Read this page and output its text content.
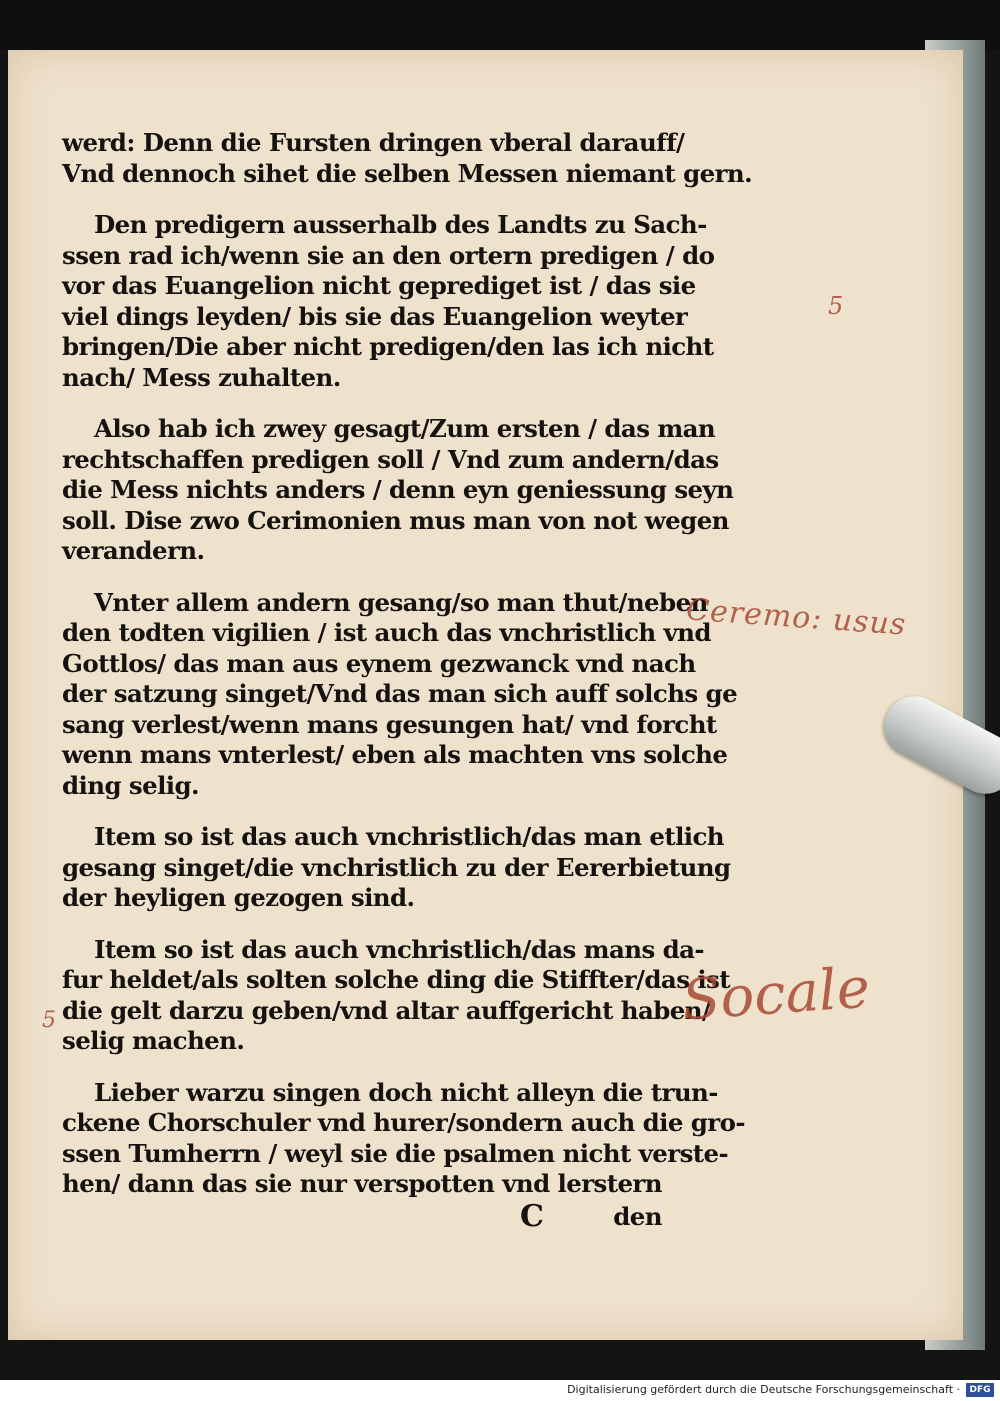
werd: Denn die Fursten dringen vberal darauff/
Vnd dennoch sihet die selben Messen niemant gern.
Den predigern ausserhalb des Landts zu Sach-
ssen rad ich/wenn sie an den ortern predigen / do
vor das Euangelion nicht geprediget ist / das sie
viel dings leyden/ bis sie das Euangelion weyter
bringen/Die aber nicht predigen/den las ich nicht
nach/ Mess zuhalten.
Also hab ich zwey gesagt/Zum ersten / das man
rechtschaffen predigen soll / Vnd zum andern/das
die Mess nichts anders / denn eyn geniessung seyn
soll. Dise zwo Cerimonien mus man von not wegen
verandern.
Vnter allem andern gesang/so man thut/neben
den todten vigilien / ist auch das vnchristlich vnd
Gottlos/ das man aus eynem gezwanck vnd nach
der satzung singet/Vnd das man sich auff solchs ge
sang verlest/wenn mans gesungen hat/ vnd forcht
wenn mans vnterlest/ eben als machten vns solche
ding selig.
Item so ist das auch vnchristlich/das man etlich
gesang singet/die vnchristlich zu der Eererbietung
der heyligen gezogen sind.
Item so ist das auch vnchristlich/das mans da-
fur heldet/als solten solche ding die Stiffter/das ist
die gelt darzu geben/vnd altar auffgericht haben/
selig machen.
Lieber warzu singen doch nicht alleyn die trun-
ckene Chorschuler vnd hurer/sondern auch die gro-
ssen Tumherrn / weyl sie die psalmen nicht verste-
hen/ dann das sie nur verspotten vnd lerstern
C	den
5
Ceremo: usus
Socale
5
Digitalisierung gefördert durch die Deutsche Forschungsgemeinschaft ·	DFG
